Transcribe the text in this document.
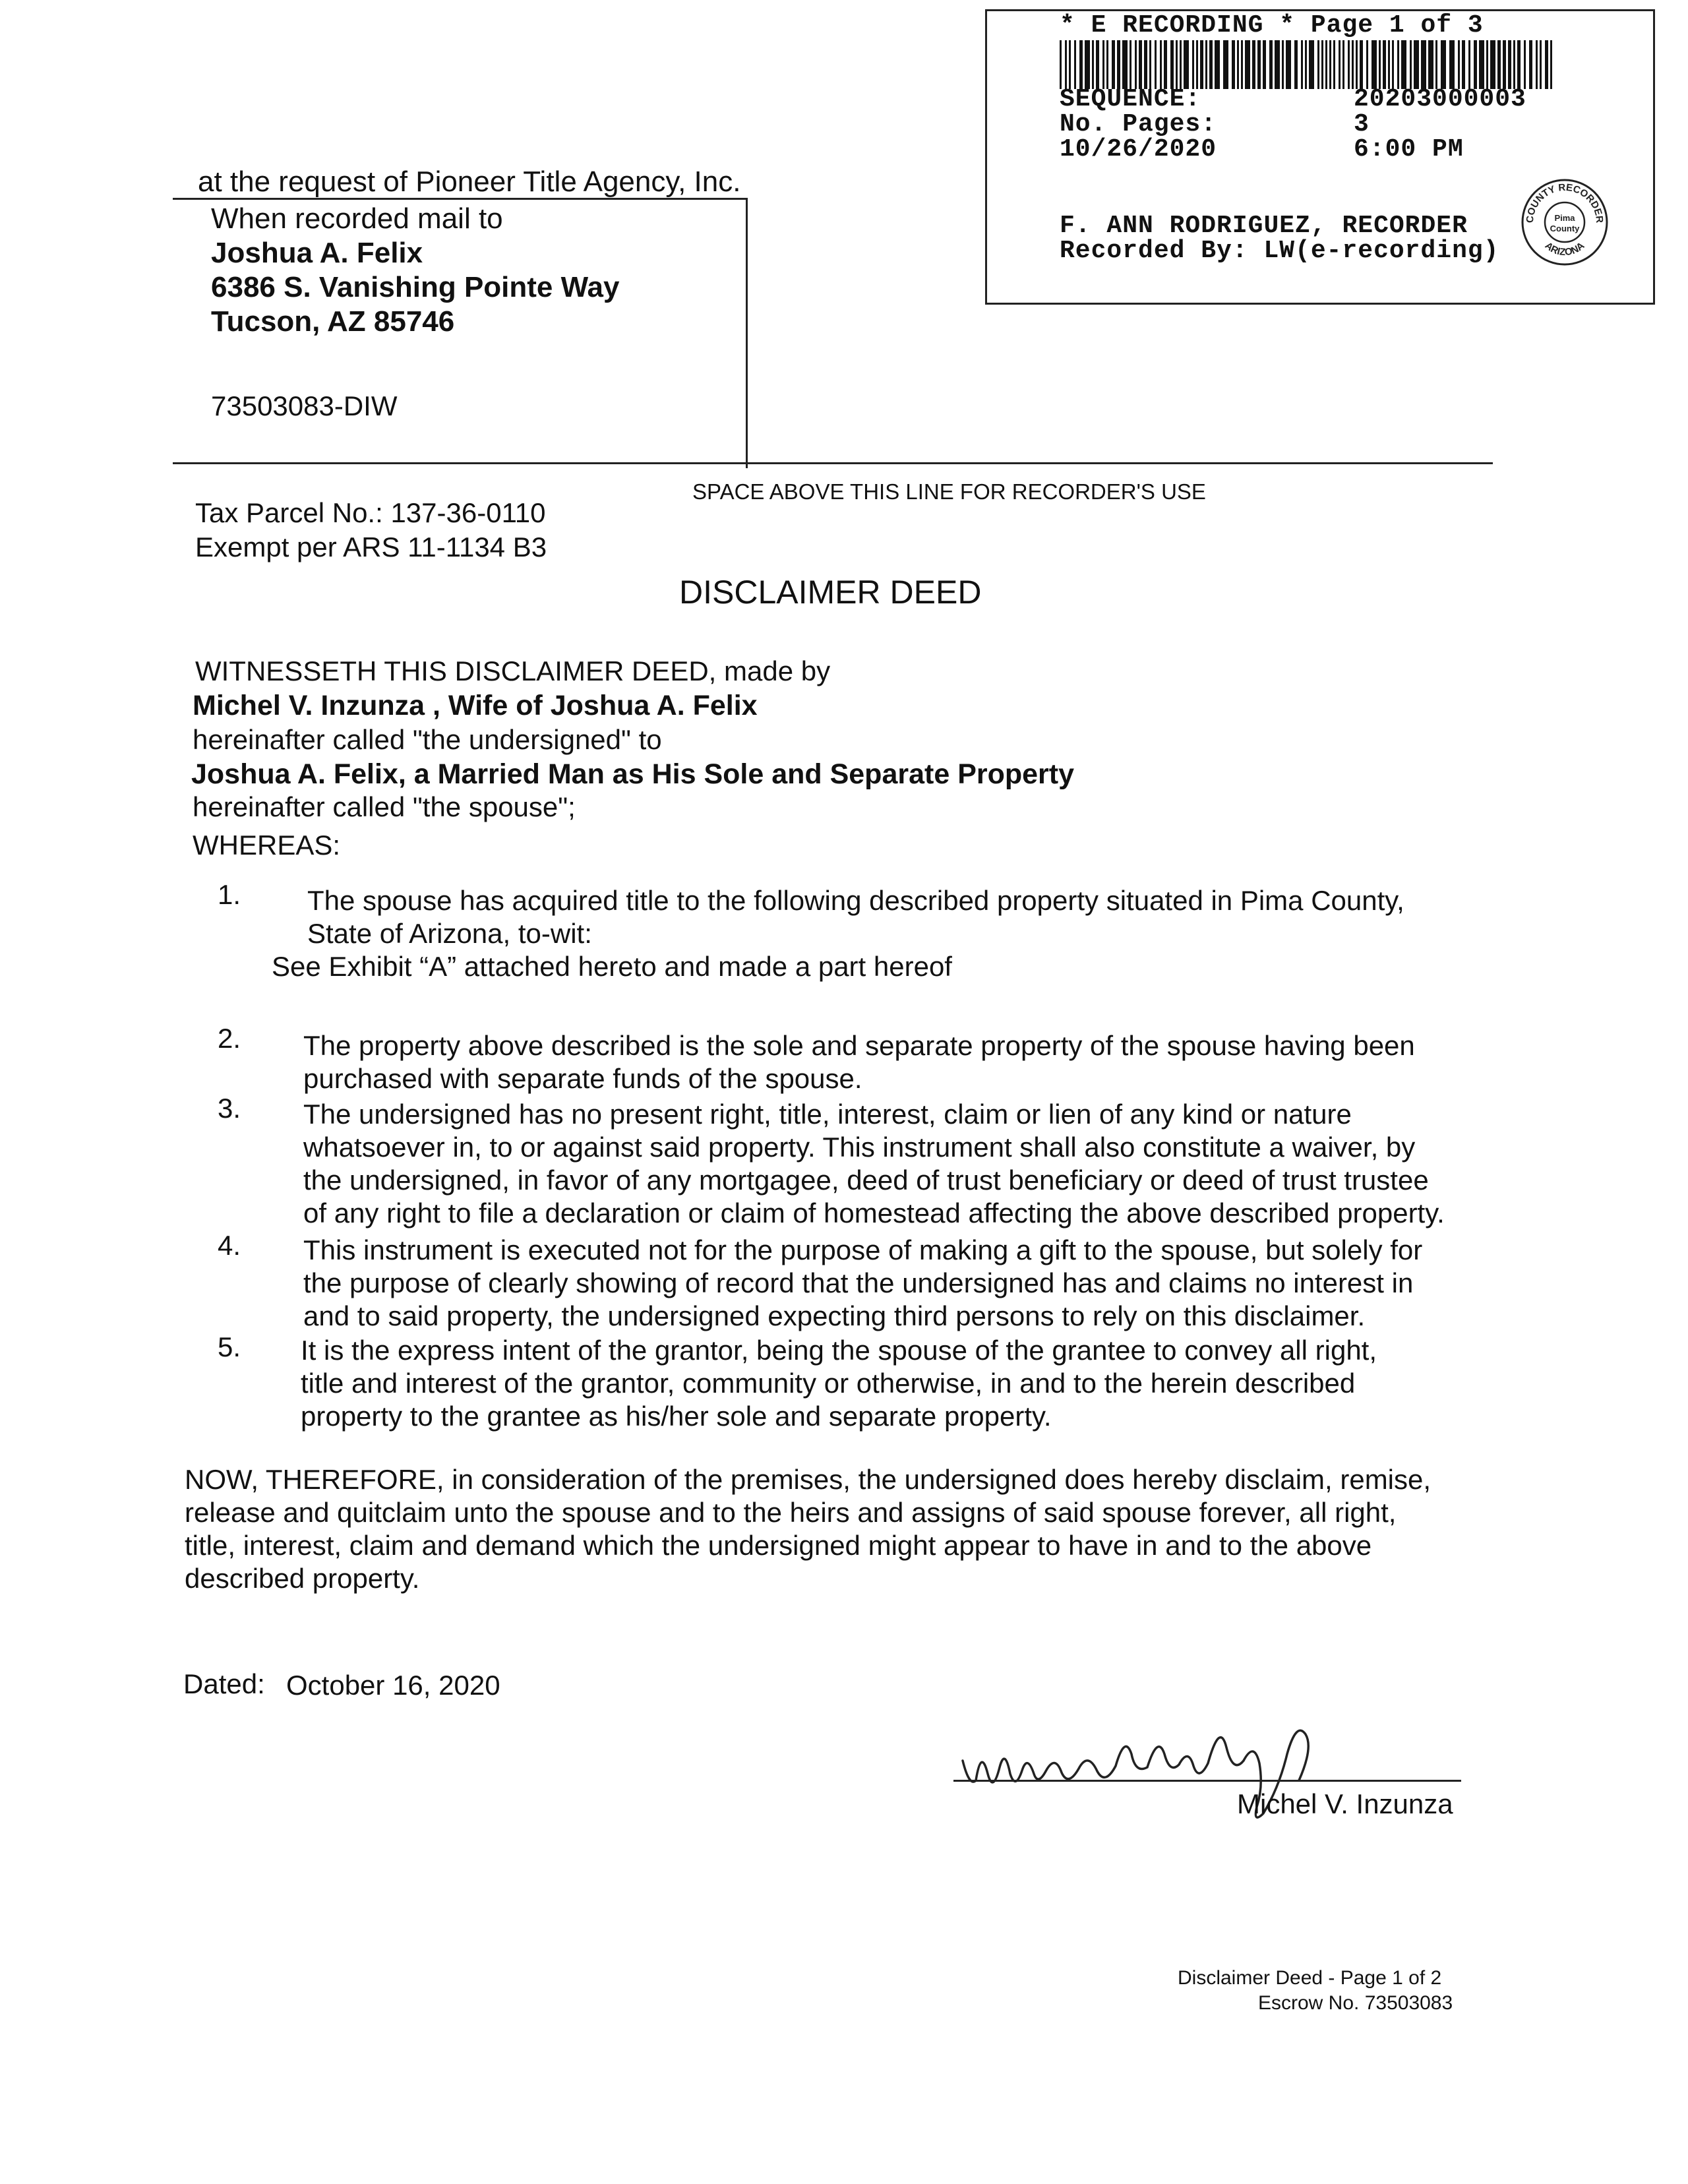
* E RECORDING * Page 1 of 3
SEQUENCE:	20203000003
No. Pages:	3
10/26/2020	6:00 PM
F. ANN RODRIGUEZ, RECORDER
Recorded By: LW(e-recording)
COUNTY RECORDER
ARIZONA
Pima
County
at the request of Pioneer Title Agency, Inc.
When recorded mail to
Joshua A. Felix
6386 S. Vanishing Pointe Way
Tucson, AZ 85746
73503083-DIW
SPACE ABOVE THIS LINE FOR RECORDER'S USE
Tax Parcel No.: 137-36-0110
Exempt per ARS 11-1134 B3
DISCLAIMER DEED
WITNESSETH THIS DISCLAIMER DEED, made by
Michel V. Inzunza , Wife of Joshua A. Felix
hereinafter called "the undersigned" to
Joshua A. Felix, a Married Man as His Sole and Separate Property
hereinafter called "the spouse";
WHEREAS:
1. The spouse has acquired title to the following described property situated in Pima County,
State of Arizona, to-wit:
See Exhibit “A” attached hereto and made a part hereof
2. The property above described is the sole and separate property of the spouse having been
purchased with separate funds of the spouse.
3. The undersigned has no present right, title, interest, claim or lien of any kind or nature
whatsoever in, to or against said property. This instrument shall also constitute a waiver, by
the undersigned, in favor of any mortgagee, deed of trust beneficiary or deed of trust trustee
of any right to file a declaration or claim of homestead affecting the above described property.
4. This instrument is executed not for the purpose of making a gift to the spouse, but solely for
the purpose of clearly showing of record that the undersigned has and claims no interest in
and to said property, the undersigned expecting third persons to rely on this disclaimer.
5. It is the express intent of the grantor, being the spouse of the grantee to convey all right,
title and interest of the grantor, community or otherwise, in and to the herein described
property to the grantee as his/her sole and separate property.
NOW, THEREFORE, in consideration of the premises, the undersigned does hereby disclaim, remise,
release and quitclaim unto the spouse and to the heirs and assigns of said spouse forever, all right,
title, interest, claim and demand which the undersigned might appear to have in and to the above
described property.
Dated: October 16, 2020
Michel V. Inzunza
Disclaimer Deed - Page 1 of 2
Escrow No. 73503083
